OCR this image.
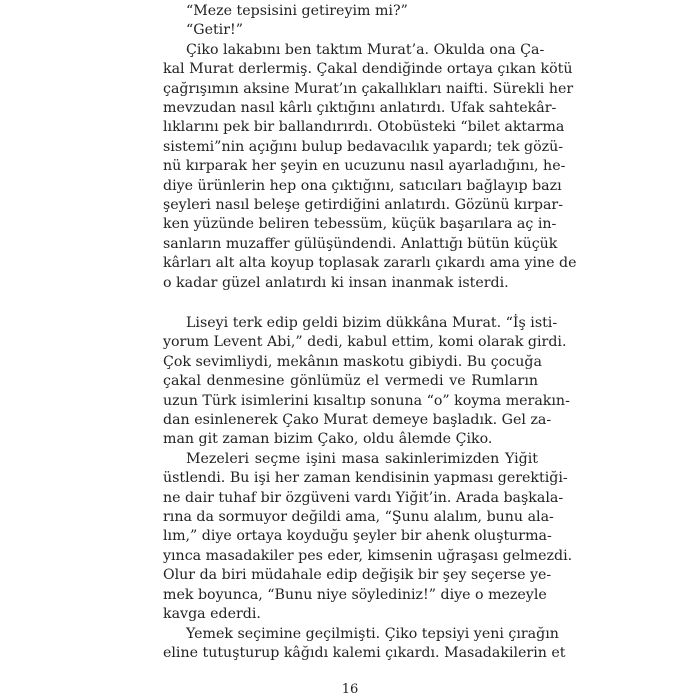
“Meze tepsisini getireyim mi?”
“Getir!”
Çiko lakabını ben taktım Murat’a. Okulda ona Ça-
kal Murat derlermiş. Çakal dendiğinde ortaya çıkan kötü
çağrışımın aksine Murat’ın çakallıkları naifti. Sürekli her
mevzudan nasıl kârlı çıktığını anlatırdı. Ufak sahtekâr-
lıklarını pek bir ballandırırdı. Otobüsteki “bilet aktarma
sistemi”nin açığını bulup bedavacılık yapardı; tek gözü-
nü kırparak her şeyin en ucuzunu nasıl ayarladığını, he-
diye ürünlerin hep ona çıktığını, satıcıları bağlayıp bazı
şeyleri nasıl beleşe getirdiğini anlatırdı. Gözünü kırpar-
ken yüzünde beliren tebessüm, küçük başarılara aç in-
sanların muzaffer gülüşündendi. Anlattığı bütün küçük
kârları alt alta koyup toplasak zararlı çıkardı ama yine de
o kadar güzel anlatırdı ki insan inanmak isterdi.
Liseyi terk edip geldi bizim dükkâna Murat. “İş isti-
yorum Levent Abi,” dedi, kabul ettim, komi olarak girdi.
Çok sevimliydi, mekânın maskotu gibiydi. Bu çocuğa
çakal denmesine gönlümüz el vermedi ve Rumların
uzun Türk isimlerini kısaltıp sonuna “o” koyma merakın-
dan esinlenerek Çako Murat demeye başladık. Gel za-
man git zaman bizim Çako, oldu âlemde Çiko.
Mezeleri seçme işini masa sakinlerimizden Yiğit
üstlendi. Bu işi her zaman kendisinin yapması gerektiği-
ne dair tuhaf bir özgüveni vardı Yiğit’in. Arada başkala-
rına da sormuyor değildi ama, “Şunu alalım, bunu ala-
lım,” diye ortaya koyduğu şeyler bir ahenk oluşturma-
yınca masadakiler pes eder, kimsenin uğraşası gelmezdi.
Olur da biri müdahale edip değişik bir şey seçerse ye-
mek boyunca, “Bunu niye söylediniz!” diye o mezeyle
kavga ederdi.
Yemek seçimine geçilmişti. Çiko tepsiyi yeni çırağın
eline tutuşturup kâğıdı kalemi çıkardı. Masadakilerin et
16
